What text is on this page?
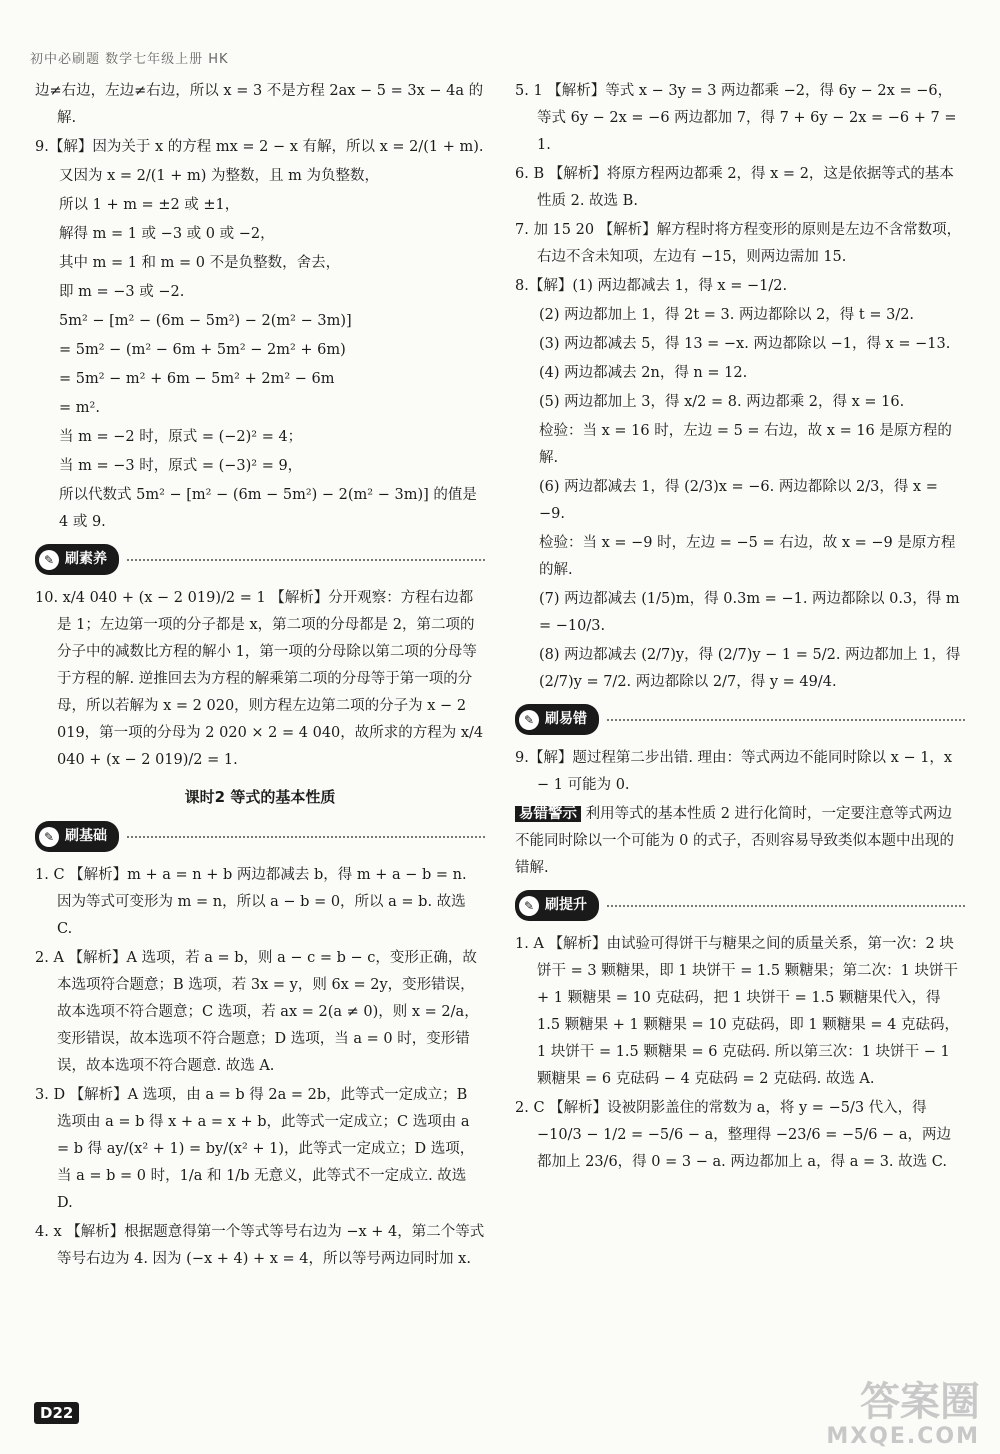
初中必刷题 数学七年级上册 HK

边≠右边，左边≠右边，所以 x = 3 不是方程 2ax − 5 = 3x − 4a 的解.

9.【解】因为关于 x 的方程 mx = 2 − x 有解，所以 x = 2/(1 + m).

又因为 x = 2/(1 + m) 为整数，且 m 为负整数，

所以 1 + m = ±2 或 ±1，

解得 m = 1 或 −3 或 0 或 −2，

其中 m = 1 和 m = 0 不是负整数，舍去，

即 m = −3 或 −2.

5m² − [m² − (6m − 5m²) − 2(m² − 3m)]

= 5m² − (m² − 6m + 5m² − 2m² + 6m)

= 5m² − m² + 6m − 5m² + 2m² − 6m

= m².

当 m = −2 时，原式 = (−2)² = 4；

当 m = −3 时，原式 = (−3)² = 9，

所以代数式 5m² − [m² − (6m − 5m²) − 2(m² − 3m)] 的值是 4 或 9.

✎ 刷素养

10. x/4 040 + (x − 2 019)/2 = 1 【解析】分开观察：方程右边都是 1；左边第一项的分子都是 x，第二项的分母都是 2，第二项的分子中的减数比方程的解小 1，第一项的分母除以第二项的分母等于方程的解. 逆推回去为方程的解乘第二项的分母等于第一项的分母，所以若解为 x = 2 020，则方程左边第二项的分子为 x − 2 019，第一项的分母为 2 020 × 2 = 4 040，故所求的方程为 x/4 040 + (x − 2 019)/2 = 1.

课时2 等式的基本性质
✎ 刷基础

1. C 【解析】m + a = n + b 两边都减去 b，得 m + a − b = n. 因为等式可变形为 m = n，所以 a − b = 0，所以 a = b. 故选 C.

2. A 【解析】A 选项，若 a = b，则 a − c = b − c，变形正确，故本选项符合题意；B 选项，若 3x = y，则 6x = 2y，变形错误，故本选项不符合题意；C 选项，若 ax = 2(a ≠ 0)，则 x = 2/a，变形错误，故本选项不符合题意；D 选项，当 a = 0 时，变形错误，故本选项不符合题意. 故选 A.

3. D 【解析】A 选项，由 a = b 得 2a = 2b，此等式一定成立；B 选项由 a = b 得 x + a = x + b，此等式一定成立；C 选项由 a = b 得 ay/(x² + 1) = by/(x² + 1)，此等式一定成立；D 选项，当 a = b = 0 时，1/a 和 1/b 无意义，此等式不一定成立. 故选 D.

4. x 【解析】根据题意得第一个等式等号右边为 −x + 4，第二个等式等号右边为 4. 因为 (−x + 4) + x = 4，所以等号两边同时加 x.

5. 1 【解析】等式 x − 3y = 3 两边都乘 −2，得 6y − 2x = −6，等式 6y − 2x = −6 两边都加 7，得 7 + 6y − 2x = −6 + 7 = 1.

6. B 【解析】将原方程两边都乘 2，得 x = 2，这是依据等式的基本性质 2. 故选 B.

7. 加 15 20 【解析】解方程时将方程变形的原则是左边不含常数项，右边不含未知项，左边有 −15，则两边需加 15.

8.【解】(1) 两边都减去 1，得 x = −1/2.

(2) 两边都加上 1，得 2t = 3. 两边都除以 2，得 t = 3/2.

(3) 两边都减去 5，得 13 = −x. 两边都除以 −1，得 x = −13.

(4) 两边都减去 2n，得 n = 12.

(5) 两边都加上 3，得 x/2 = 8. 两边都乘 2，得 x = 16.

检验：当 x = 16 时，左边 = 5 = 右边，故 x = 16 是原方程的解.

(6) 两边都减去 1，得 (2/3)x = −6. 两边都除以 2/3，得 x = −9.

检验：当 x = −9 时，左边 = −5 = 右边，故 x = −9 是原方程的解.

(7) 两边都减去 (1/5)m，得 0.3m = −1. 两边都除以 0.3，得 m = −10/3.

(8) 两边都减去 (2/7)y，得 (2/7)y − 1 = 5/2. 两边都加上 1，得 (2/7)y = 7/2. 两边都除以 2/7，得 y = 49/4.

✎ 刷易错

9.【解】题过程第二步出错. 理由：等式两边不能同时除以 x − 1，x − 1 可能为 0.

易错警示 利用等式的基本性质 2 进行化简时，一定要注意等式两边不能同时除以一个可能为 0 的式子，否则容易导致类似本题中出现的错解.

✎ 刷提升

1. A 【解析】由试验可得饼干与糖果之间的质量关系，第一次：2 块饼干 = 3 颗糖果，即 1 块饼干 = 1.5 颗糖果；第二次：1 块饼干 + 1 颗糖果 = 10 克砝码，把 1 块饼干 = 1.5 颗糖果代入，得 1.5 颗糖果 + 1 颗糖果 = 10 克砝码，即 1 颗糖果 = 4 克砝码，1 块饼干 = 1.5 颗糖果 = 6 克砝码. 所以第三次：1 块饼干 − 1 颗糖果 = 6 克砝码 − 4 克砝码 = 2 克砝码. 故选 A.

2. C 【解析】设被阴影盖住的常数为 a，将 y = −5/3 代入，得 −10/3 − 1/2 = −5/6 − a，整理得 −23/6 = −5/6 − a，两边都加上 23/6，得 0 = 3 − a. 两边都加上 a，得 a = 3. 故选 C.

D22	答案圈
MXQE.COM
